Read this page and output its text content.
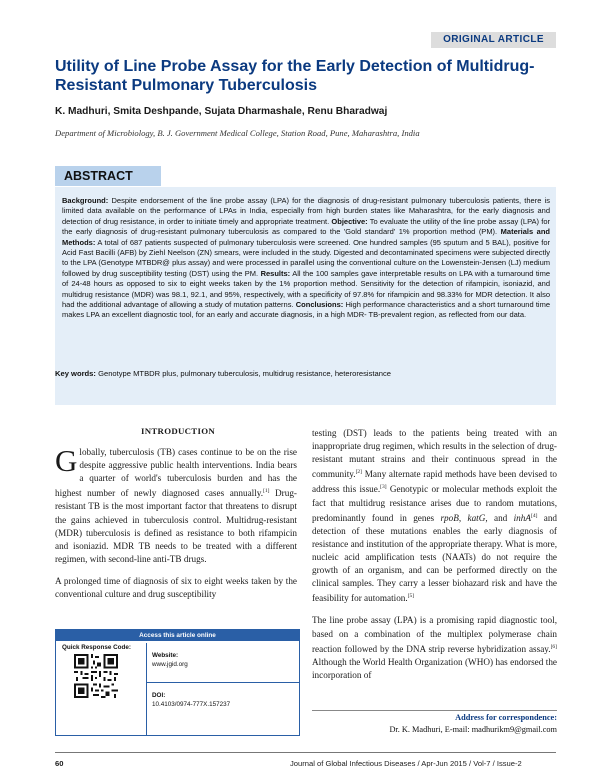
ORIGINAL ARTICLE
Utility of Line Probe Assay for the Early Detection of Multidrug-Resistant Pulmonary Tuberculosis
K. Madhuri, Smita Deshpande, Sujata Dharmashale, Renu Bharadwaj
Department of Microbiology, B. J. Government Medical College, Station Road, Pune, Maharashtra, India
ABSTRACT
Background: Despite endorsement of the line probe assay (LPA) for the diagnosis of drug-resistant pulmonary tuberculosis patients, there is limited data available on the performance of LPAs in India, especially from high burden states like Maharashtra, for the early diagnosis and detection of drug resistance, in order to initiate timely and appropriate treatment. Objective: To evaluate the utility of the line probe assay (LPA) for the early diagnosis of drug-resistant pulmonary tuberculosis as compared to the 'Gold standard' 1% proportion method (PM). Materials and Methods: A total of 687 patients suspected of pulmonary tuberculosis were screened. One hundred samples (95 sputum and 5 BAL), positive for Acid Fast Bacilli (AFB) by Ziehl Neelson (ZN) smears, were included in the study. Digested and decontaminated specimens were subjected directly to the LPA (Genotype MTBDR@ plus assay) and were processed in parallel using the conventional culture on the Lowenstein-Jensen (LJ) medium followed by drug susceptibility testing (DST) using the PM. Results: All the 100 samples gave interpretable results on LPA with a turnaround time of 24-48 hours as opposed to six to eight weeks taken by the 1% proportion method. Sensitivity for the detection of rifampicin, isoniazid, and multidrug resistance (MDR) was 98.1, 92.1, and 95%, respectively, with a specificity of 97.8% for rifampicin and 98.33% for MDR detection. It also had the additional advantage of allowing a study of mutation patterns. Conclusions: High performance characteristics and a short turnaround time makes LPA an excellent diagnostic tool, for an early and accurate diagnosis, in a high MDR- TB-prevalent region, as reflected from our data.
Key words: Genotype MTBDR plus, pulmonary tuberculosis, multidrug resistance, heteroresistance
INTRODUCTION

Globally, tuberculosis (TB) cases continue to be on the rise despite aggressive public health interventions. India bears a quarter of world's tuberculosis burden and has the highest number of newly diagnosed cases annually.[1] Drug-resistant TB is the most important factor that threatens to disrupt the gains achieved in tuberculosis control. Multidrug-resistant (MDR) tuberculosis is defined as resistance to both rifampicin and isoniazid. MDR TB needs to be treated with a different regimen, with second-line anti-TB drugs.

A prolonged time of diagnosis of six to eight weeks taken by the conventional culture and drug susceptibility

testing (DST) leads to the patients being treated with an inappropriate drug regimen, which results in the selection of drug-resistant mutant strains and their continuous spread in the community.[2] Many alternate rapid methods have been devised to address this issue.[3] Genotypic or molecular methods exploit the fact that multidrug resistance arises due to random mutations, predominantly found in genes rpoB, katG, and inhA[4] and detection of these mutations enables the early diagnosis of resistance and institution of the appropriate therapy. What is more, nucleic acid amplification tests (NAATs) do not require the growth of an organism, and can be performed directly on the clinical samples. They carry a lesser biohazard risk and have the feasibility for automation.[5]

The line probe assay (LPA) is a promising rapid diagnostic tool, based on a combination of the multiplex polymerase chain reaction followed by the DNA strip reverse hybridization assay.[6] Although the World Health Organization (WHO) has endorsed the incorporation of

Access this article online
Quick Response Code:
Website:
www.jgid.org
DOI:
10.4103/0974-777X.157237
Address for correspondence:
Dr. K. Madhuri, E-mail: madhurikm9@gmail.com
60	Journal of Global Infectious Diseases / Apr-Jun 2015 / Vol-7 / Issue-2
